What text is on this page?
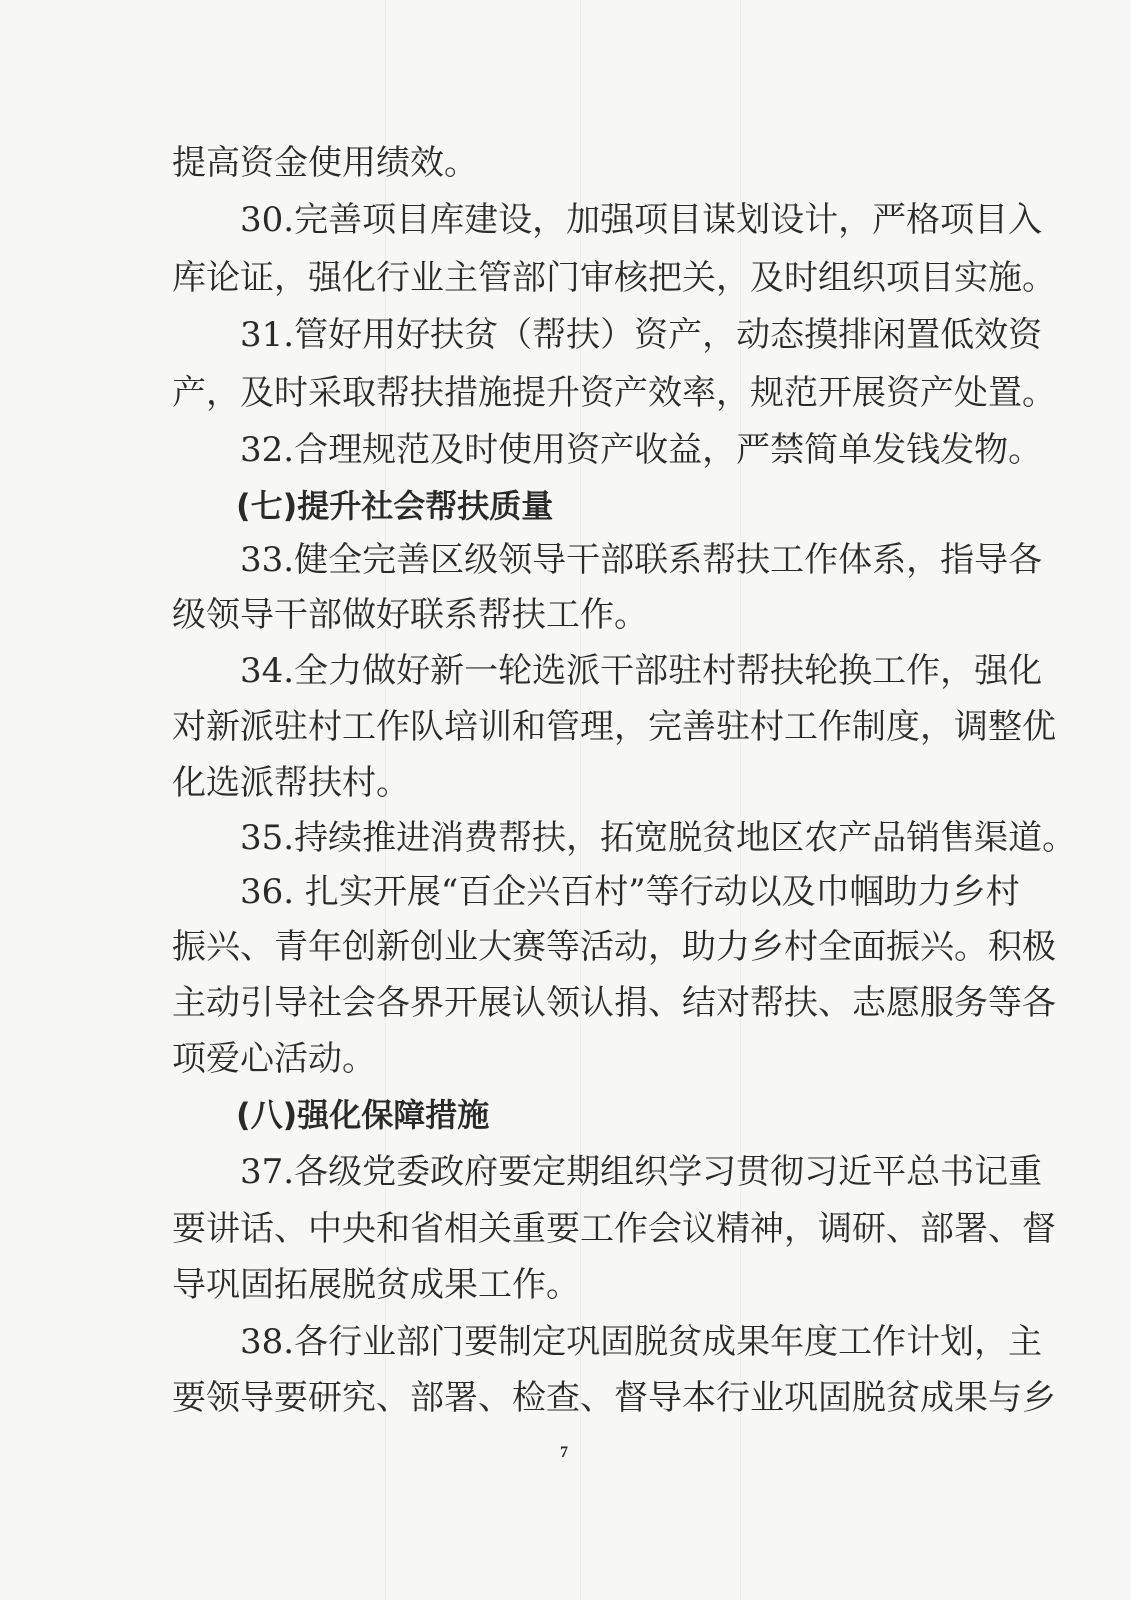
提高资金使用绩效。
30.完善项目库建设，加强项目谋划设计，严格项目入
库论证，强化行业主管部门审核把关，及时组织项目实施。
31.管好用好扶贫（帮扶）资产，动态摸排闲置低效资
产，及时采取帮扶措施提升资产效率，规范开展资产处置。
32.合理规范及时使用资产收益，严禁简单发钱发物。
(七)提升社会帮扶质量
33.健全完善区级领导干部联系帮扶工作体系，指导各
级领导干部做好联系帮扶工作。
34.全力做好新一轮选派干部驻村帮扶轮换工作，强化
对新派驻村工作队培训和管理，完善驻村工作制度，调整优
化选派帮扶村。
35.持续推进消费帮扶，拓宽脱贫地区农产品销售渠道。
36. 扎实开展“百企兴百村”等行动以及巾帼助力乡村
振兴、青年创新创业大赛等活动，助力乡村全面振兴。积极
主动引导社会各界开展认领认捐、结对帮扶、志愿服务等各
项爱心活动。
(八)强化保障措施
37.各级党委政府要定期组织学习贯彻习近平总书记重
要讲话、中央和省相关重要工作会议精神，调研、部署、督
导巩固拓展脱贫成果工作。
38.各行业部门要制定巩固脱贫成果年度工作计划，主
要领导要研究、部署、检查、督导本行业巩固脱贫成果与乡
7
